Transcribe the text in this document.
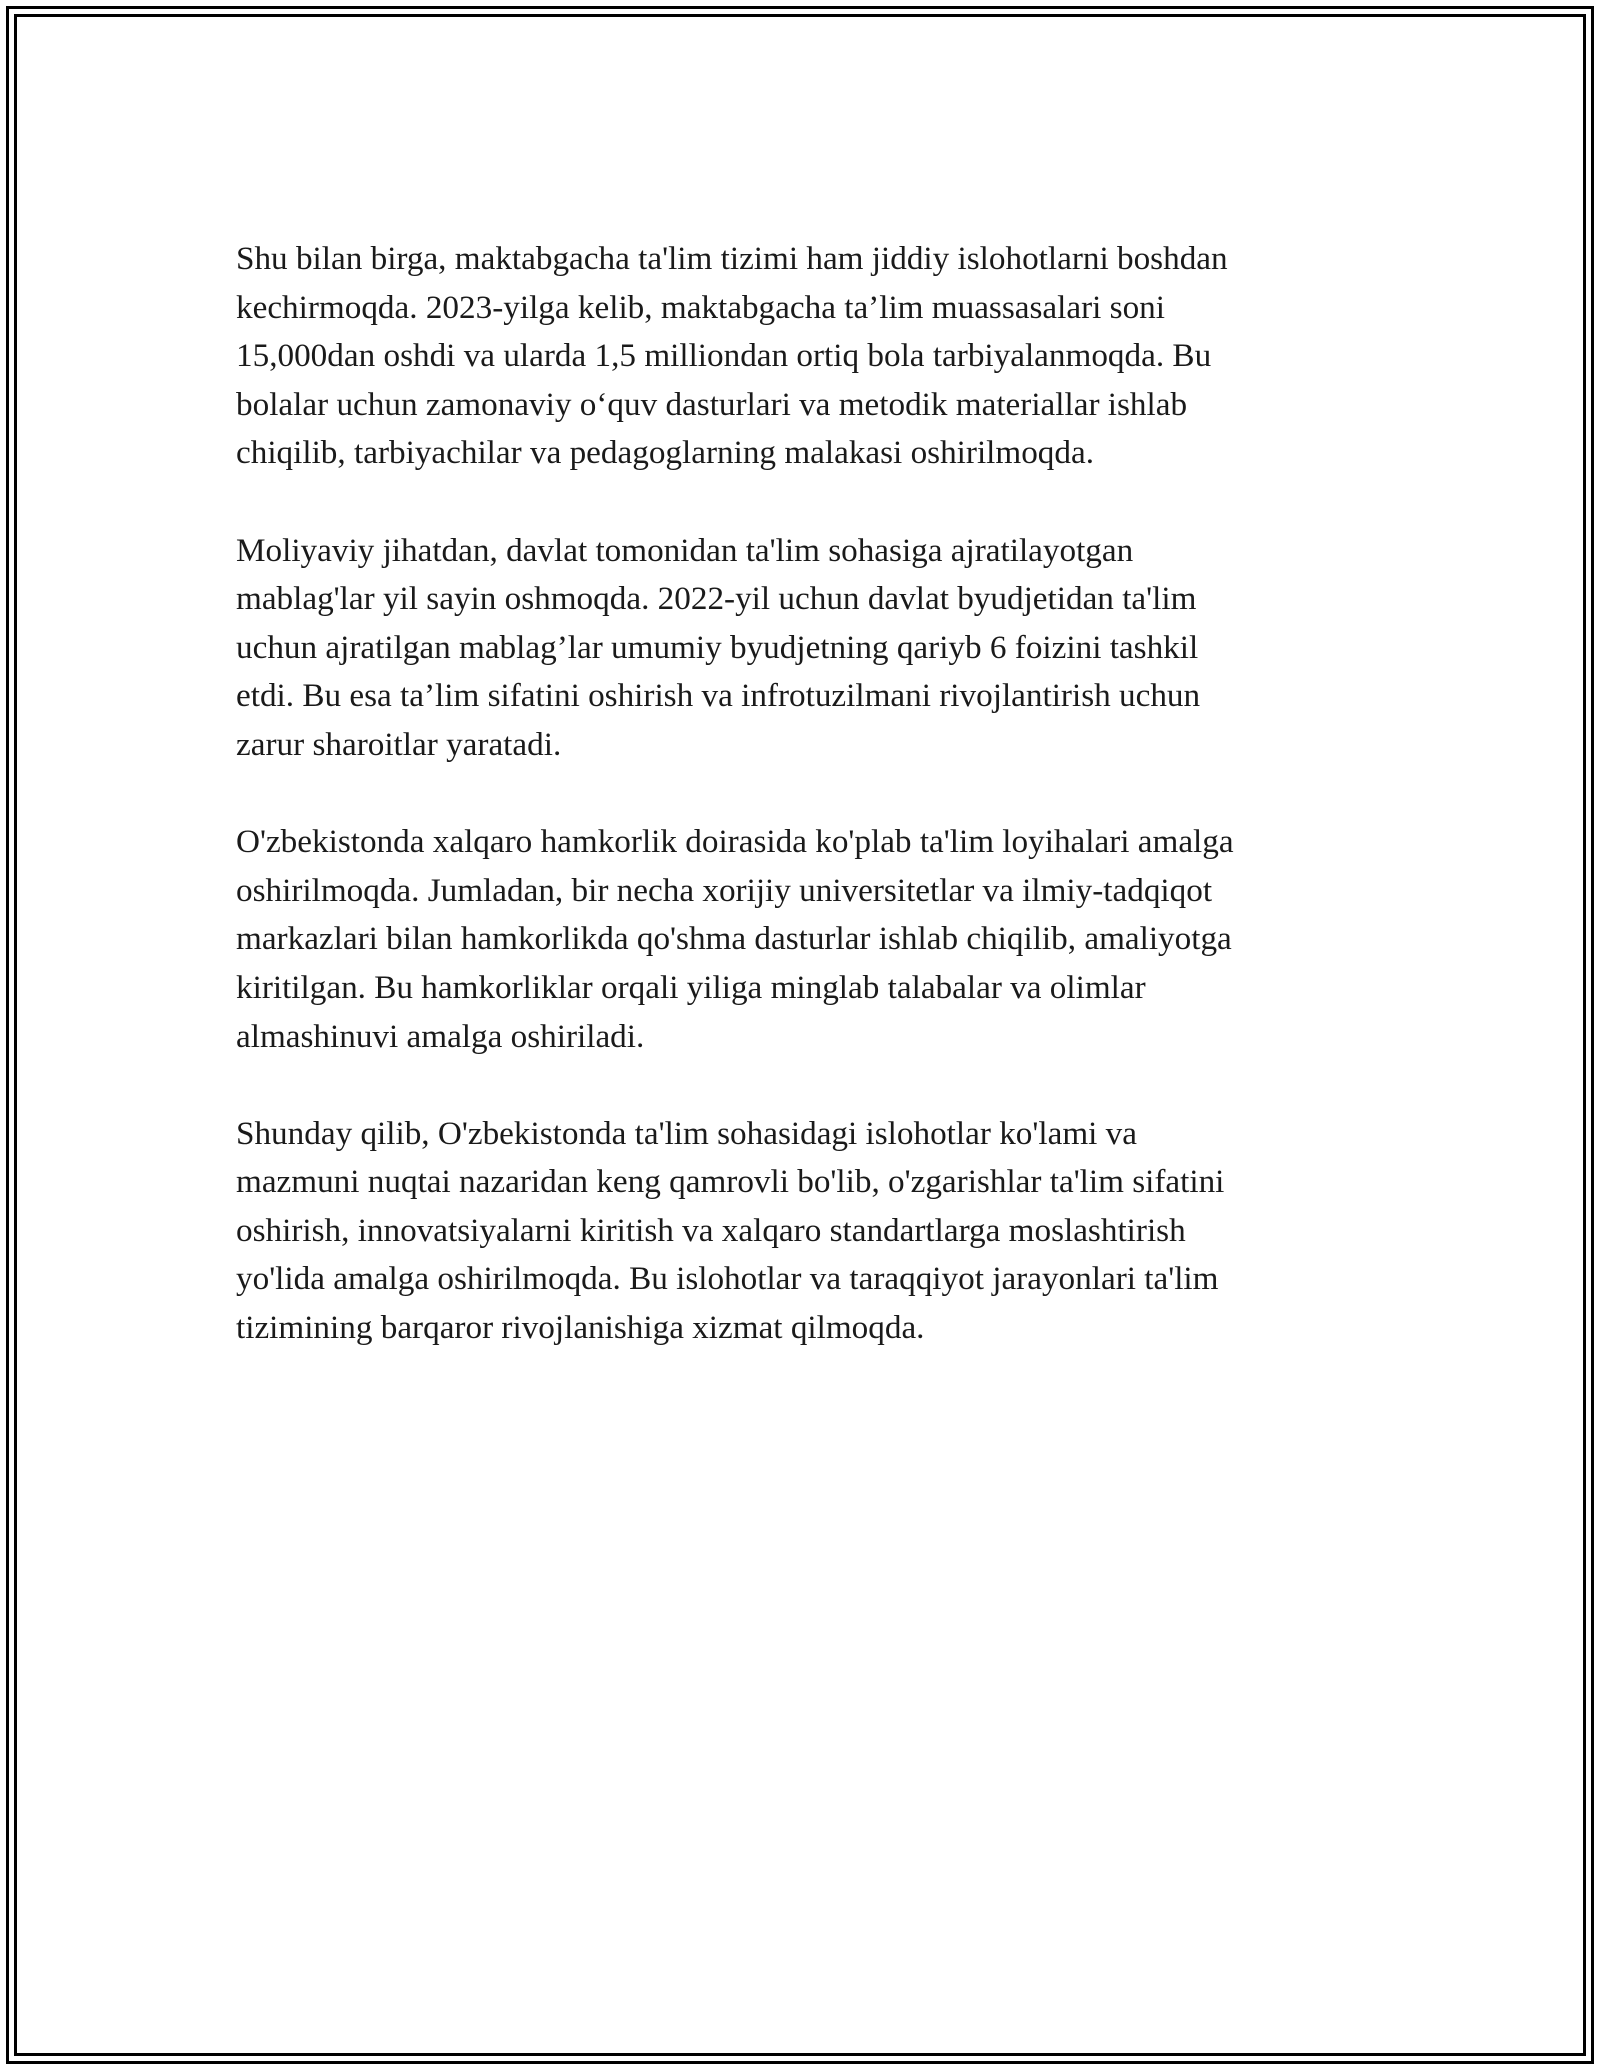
Shu bilan birga, maktabgacha ta'lim tizimi ham jiddiy islohotlarni boshdan
kechirmoqda. 2023-yilga kelib, maktabgacha ta’lim muassasalari soni
15,000dan oshdi va ularda 1,5 milliondan ortiq bola tarbiyalanmoqda. Bu
bolalar uchun zamonaviy o‘quv dasturlari va metodik materiallar ishlab
chiqilib, tarbiyachilar va pedagoglarning malakasi oshirilmoqda.

Moliyaviy jihatdan, davlat tomonidan ta'lim sohasiga ajratilayotgan
mablag'lar yil sayin oshmoqda. 2022-yil uchun davlat byudjetidan ta'lim
uchun ajratilgan mablag’lar umumiy byudjetning qariyb 6 foizini tashkil
etdi. Bu esa ta’lim sifatini oshirish va infrotuzilmani rivojlantirish uchun
zarur sharoitlar yaratadi.

O'zbekistonda xalqaro hamkorlik doirasida ko'plab ta'lim loyihalari amalga
oshirilmoqda. Jumladan, bir necha xorijiy universitetlar va ilmiy-tadqiqot
markazlari bilan hamkorlikda qo'shma dasturlar ishlab chiqilib, amaliyotga
kiritilgan. Bu hamkorliklar orqali yiliga minglab talabalar va olimlar
almashinuvi amalga oshiriladi.

Shunday qilib, O'zbekistonda ta'lim sohasidagi islohotlar ko'lami va
mazmuni nuqtai nazaridan keng qamrovli bo'lib, o'zgarishlar ta'lim sifatini
oshirish, innovatsiyalarni kiritish va xalqaro standartlarga moslashtirish
yo'lida amalga oshirilmoqda. Bu islohotlar va taraqqiyot jarayonlari ta'lim
tizimining barqaror rivojlanishiga xizmat qilmoqda.
